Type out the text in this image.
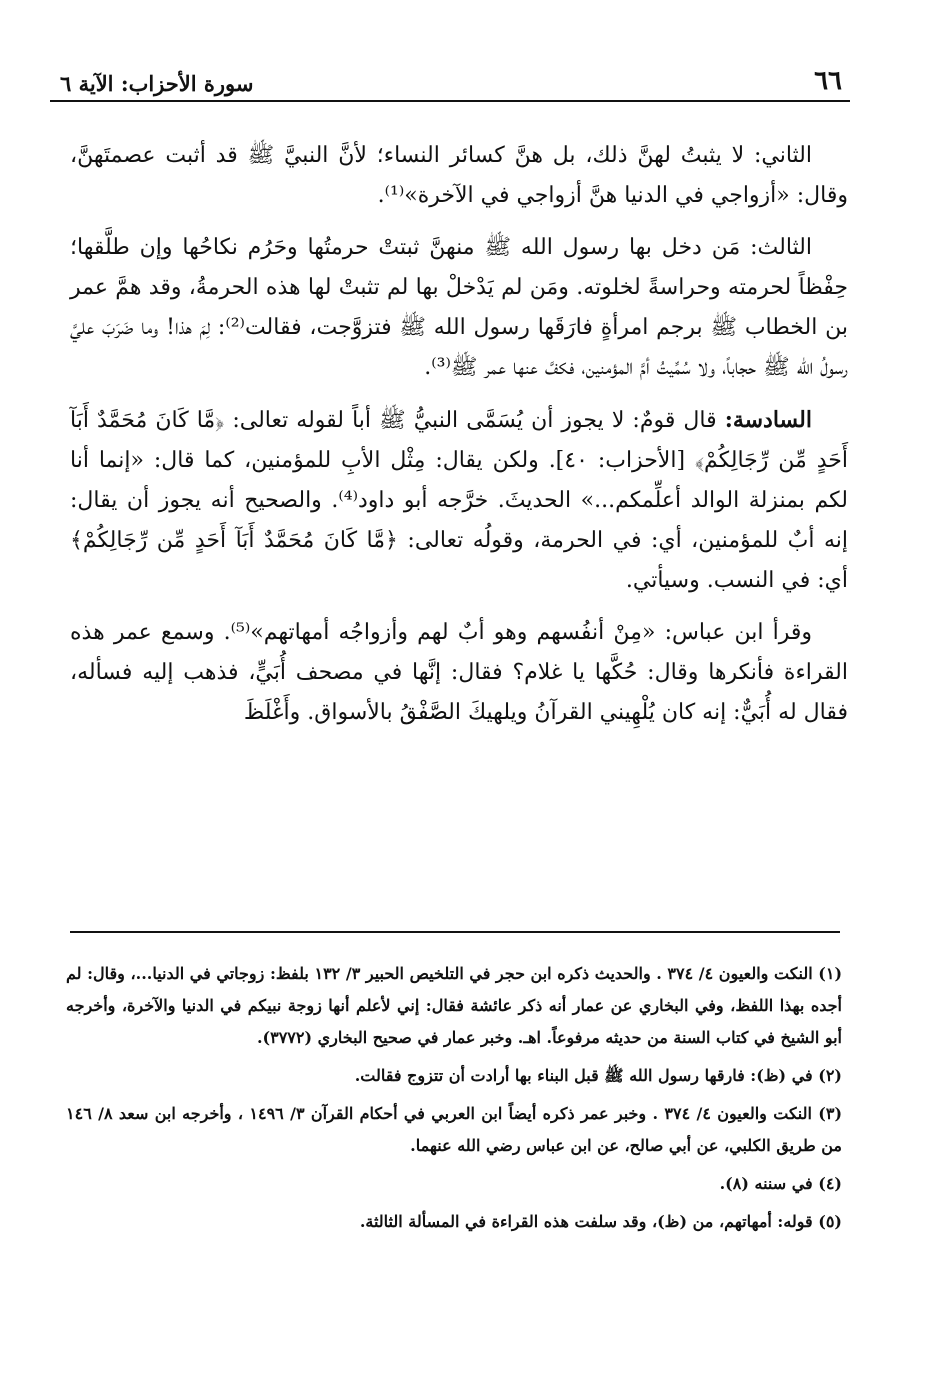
سورة الأحزاب: الآية ٦	٦٦

الثاني: لا يثبتُ لهنَّ ذلك، بل هنَّ كسائر النساء؛ لأنَّ النبيَّ ﷺ قد أثبت عصمتَهنَّ، وقال: «أزواجي في الدنيا هنَّ أزواجي في الآخرة»⁽¹⁾.

الثالث: مَن دخل بها رسول الله ﷺ منهنَّ ثبتتْ حرمتُها وحَرُم نكاحُها وإن طلَّقها؛ حِفْظاً لحرمته وحراسةً لخلوته. ومَن لم يَدْخلْ بها لم تثبتْ لها هذه الحرمةُ، وقد همَّ عمر بن الخطاب ﷺ برجم امرأةٍ فارَقَها رسول الله ﷺ فتزوَّجت، فقالت⁽²⁾: لِمَ هذا! وما ضَرَبَ عليَّ رسولُ الله ﷺ حجاباً، ولا سُمِّيتُ أمَّ المؤمنين، فكفَّ عنها عمر ﷺ⁽³⁾.

السادسة: قال قومٌ: لا يجوز أن يُسَمَّى النبيُّ ﷺ أباً لقوله تعالى: ﴿مَّا كَانَ مُحَمَّدٌ أَبَآ أَحَدٍ مِّن رِّجَالِكُمْ﴾ [الأحزاب: ٤٠]. ولكن يقال: مِثْل الأبِ للمؤمنين، كما قال: «إنما أنا لكم بمنزلة الوالد أعلِّمكم...» الحديثَ. خرَّجه أبو داود⁽⁴⁾. والصحيح أنه يجوز أن يقال: إنه أبٌ للمؤمنين، أي: في الحرمة، وقولُه تعالى: ﴿مَّا كَانَ مُحَمَّدٌ أَبَآ أَحَدٍ مِّن رِّجَالِكُمْ﴾ أي: في النسب. وسيأتي.

وقرأ ابن عباس: «مِنْ أنفُسهم وهو أبٌ لهم وأزواجُه أمهاتهم»⁽⁵⁾. وسمع عمر هذه القراءة فأنكرها وقال: حُكَّها يا غلام؟ فقال: إنَّها في مصحف أُبَيٍّ، فذهب إليه فسأله، فقال له أُبَيٌّ: إنه كان يُلْهِيني القرآنُ ويلهيكَ الصَّفْقُ بالأسواق. وأَغْلَظَ

(١) النكت والعيون ٤/ ٣٧٤ . والحديث ذكره ابن حجر في التلخيص الحبير ٣/ ١٣٢ بلفظ: زوجاتي في الدنيا...، وقال: لم أجده بهذا اللفظ، وفي البخاري عن عمار أنه ذكر عائشة فقال: إني لأعلم أنها زوجة نبيكم في الدنيا والآخرة، وأخرجه أبو الشيخ في كتاب السنة من حديثه مرفوعاً. اهـ. وخبر عمار في صحيح البخاري (٣٧٧٢).

(٢) في (ظ): فارقها رسول الله ﷺ قبل البناء بها أرادت أن تتزوج فقالت.

(٣) النكت والعيون ٤/ ٣٧٤ . وخبر عمر ذكره أيضاً ابن العربي في أحكام القرآن ٣/ ١٤٩٦ ، وأخرجه ابن سعد ٨/ ١٤٦ من طريق الكلبي، عن أبي صالح، عن ابن عباس رضي الله عنهما.

(٤) في سننه (٨).

(٥) قوله: أمهاتهم، من (ظ)، وقد سلفت هذه القراءة في المسألة الثالثة.
